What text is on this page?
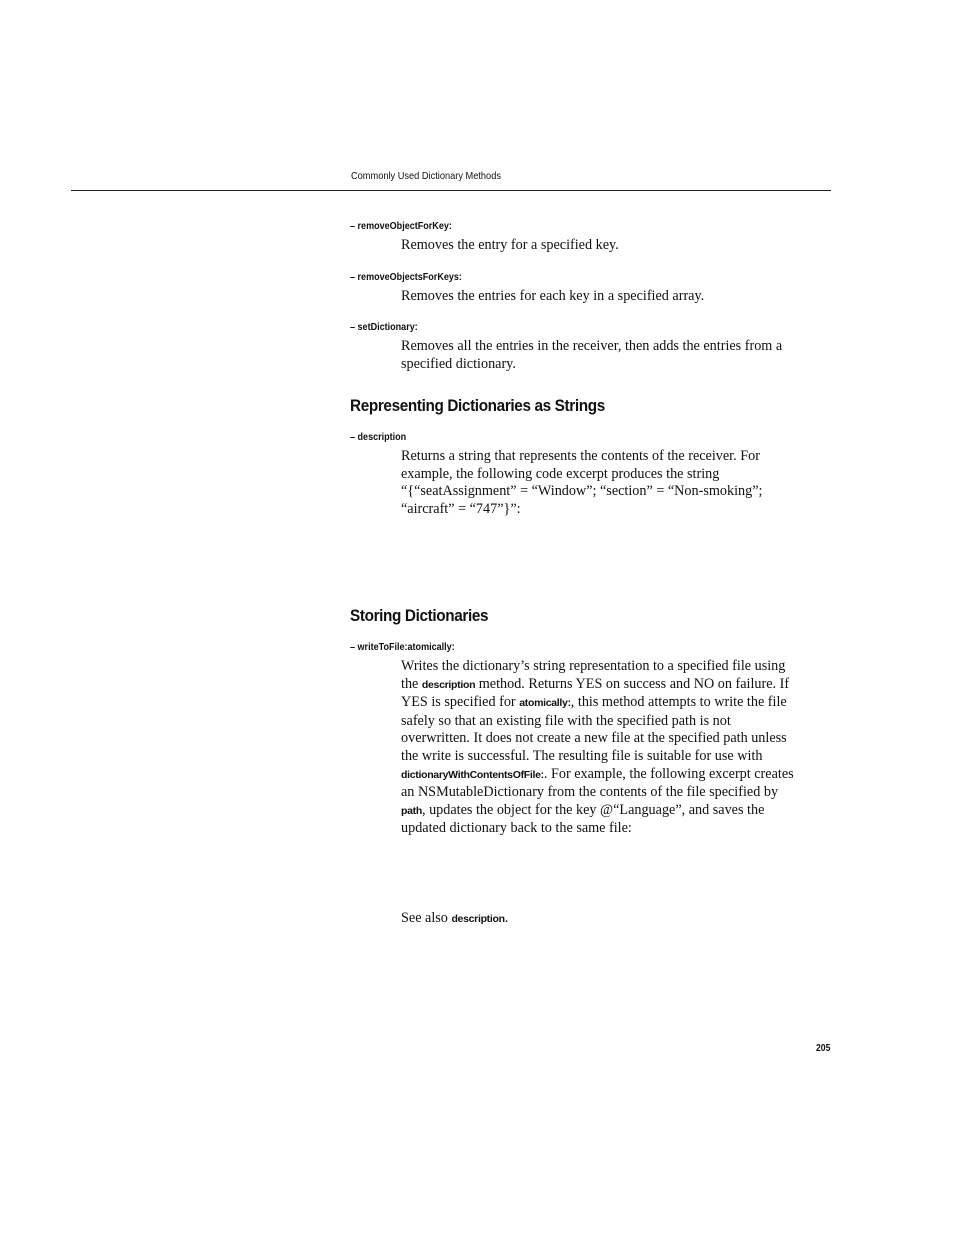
Commonly Used Dictionary Methods
– removeObjectForKey:
Removes the entry for a specified key.
– removeObjectsForKeys:
Removes the entries for each key in a specified array.
– setDictionary:
Removes all the entries in the receiver, then adds the entries from a specified dictionary.
Representing Dictionaries as Strings
– description
Returns a string that represents the contents of the receiver. For example, the following code excerpt produces the string “{“seatAssignment” = “Window”; “section” = “Non-smoking”; “aircraft” = “747”}”:
Storing Dictionaries
– writeToFile:atomically:
Writes the dictionary’s string representation to a specified file using the description method. Returns YES on success and NO on failure. If YES is specified for atomically:, this method attempts to write the file safely so that an existing file with the specified path is not overwritten. It does not create a new file at the specified path unless the write is successful. The resulting file is suitable for use with dictionaryWithContentsOfFile:. For example, the following excerpt creates an NSMutableDictionary from the contents of the file specified by path, updates the object for the key @“Language”, and saves the updated dictionary back to the same file:
See also description.
205
